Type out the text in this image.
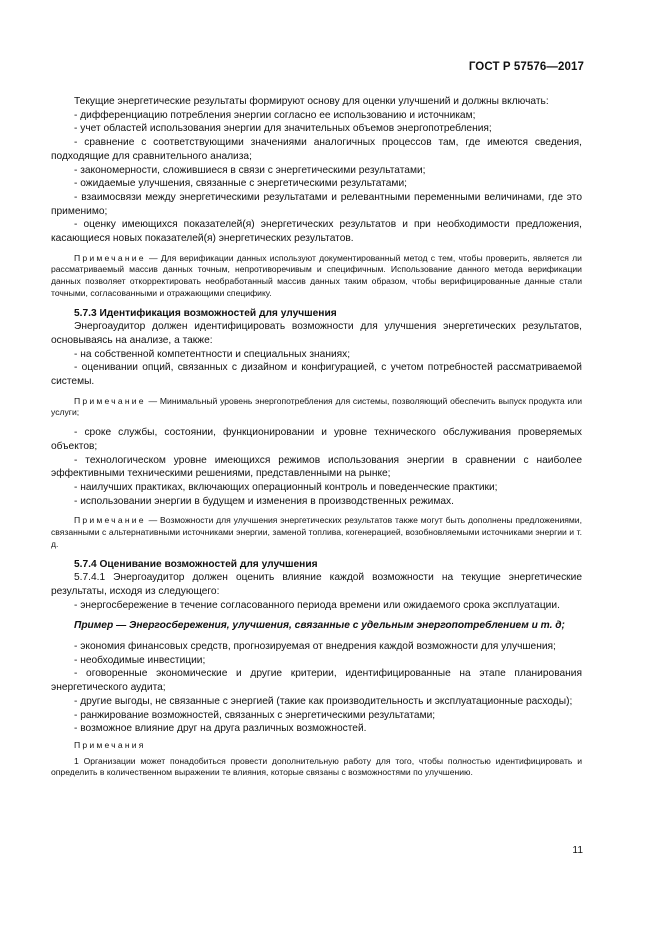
ГОСТ Р 57576—2017

Текущие энергетические результаты формируют основу для оценки улучшений и должны включать:

- дифференциацию потребления энергии согласно ее использованию и источникам;

- учет областей использования энергии для значительных объемов энергопотребления;

- сравнение с соответствующими значениями аналогичных процессов там, где имеются сведения, подходящие для сравнительного анализа;

- закономерности, сложившиеся в связи с энергетическими результатами;

- ожидаемые улучшения, связанные с энергетическими результатами;

- взаимосвязи между энергетическими результатами и релевантными переменными величинами, где это применимо;

- оценку имеющихся показателей(я) энергетических результатов и при необходимости предложения, касающиеся новых показателей(я) энергетических результатов.

Примечание — Для верификации данных используют документированный метод с тем, чтобы проверить, является ли рассматриваемый массив данных точным, непротиворечивым и специфичным. Использование данного метода верификации данных позволяет откорректировать необработанный массив данных таким образом, чтобы верифицированные данные стали точными, согласованными и отражающими специфику.

5.7.3 Идентификация возможностей для улучшения

Энергоаудитор должен идентифицировать возможности для улучшения энергетических результатов, основываясь на анализе, а также:

- на собственной компетентности и специальных знаниях;

- оценивании опций, связанных с дизайном и конфигурацией, с учетом потребностей рассматриваемой системы.

Примечание — Минимальный уровень энергопотребления для системы, позволяющий обеспечить выпуск продукта или услуги;

- сроке службы, состоянии, функционировании и уровне технического обслуживания проверяемых объектов;

- технологическом уровне имеющихся режимов использования энергии в сравнении с наиболее эффективными техническими решениями, представленными на рынке;

- наилучших практиках, включающих операционный контроль и поведенческие практики;

- использовании энергии в будущем и изменения в производственных режимах.

Примечание — Возможности для улучшения энергетических результатов также могут быть дополнены предложениями, связанными с альтернативными источниками энергии, заменой топлива, когенерацией, возобновляемыми источниками энергии и т. д.

5.7.4 Оценивание возможностей для улучшения

5.7.4.1 Энергоаудитор должен оценить влияние каждой возможности на текущие энергетические результаты, исходя из следующего:

- энергосбережение в течение согласованного периода времени или ожидаемого срока эксплуатации.

Пример — Энергосбережения, улучшения, связанные с удельным энергопотреблением и т. д;

- экономия финансовых средств, прогнозируемая от внедрения каждой возможности для улучшения;

- необходимые инвестиции;

- оговоренные экономические и другие критерии, идентифицированные на этапе планирования энергетического аудита;

- другие выгоды, не связанные с энергией (такие как производительность и эксплуатационные расходы);

- ранжирование возможностей, связанных с энергетическими результатами;

- возможное влияние друг на друга различных возможностей.

Примечания

1 Организации может понадобиться провести дополнительную работу для того, чтобы полностью идентифицировать и определить в количественном выражении те влияния, которые связаны с возможностями по улучшению.

11
